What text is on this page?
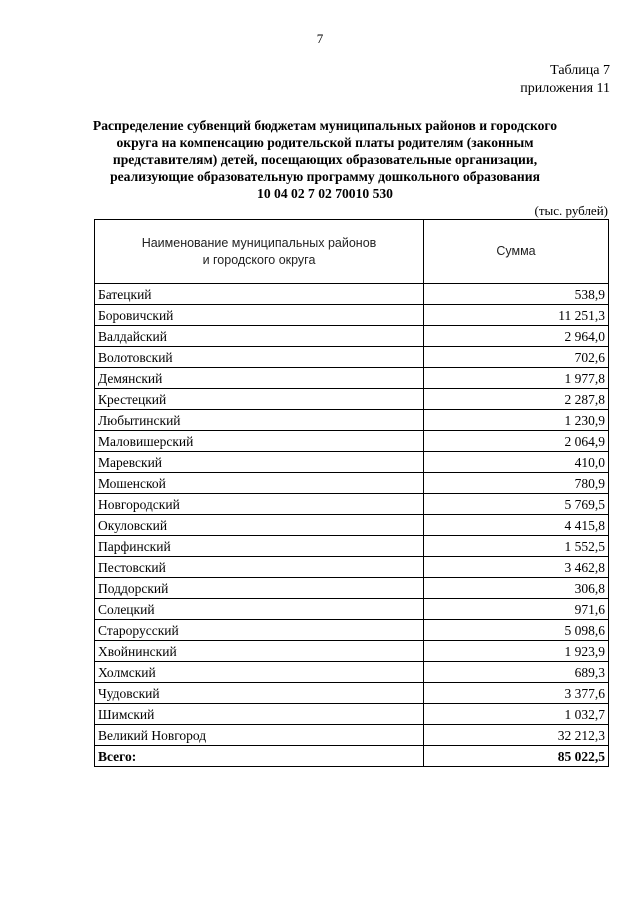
7
Таблица 7
приложения 11
Распределение субвенций бюджетам муниципальных районов и городского
округа на компенсацию родительской платы родителям (законным
представителям) детей, посещающих образовательные организации,
реализующие образовательную программу дошкольного образования
10 04 02 7 02 70010 530
(тыс. рублей)
Наименование муниципальных районов
и городского округа	Сумма
Батецкий	538,9
Боровичский	11 251,3
Валдайский	2 964,0
Волотовский	702,6
Демянский	1 977,8
Крестецкий	2 287,8
Любытинский	1 230,9
Маловишерский	2 064,9
Маревский	410,0
Мошенской	780,9
Новгородский	5 769,5
Окуловский	4 415,8
Парфинский	1 552,5
Пестовский	3 462,8
Поддорский	306,8
Солецкий	971,6
Старорусский	5 098,6
Хвойнинский	1 923,9
Холмский	689,3
Чудовский	3 377,6
Шимский	1 032,7
Великий Новгород	32 212,3
Всего:	85 022,5
